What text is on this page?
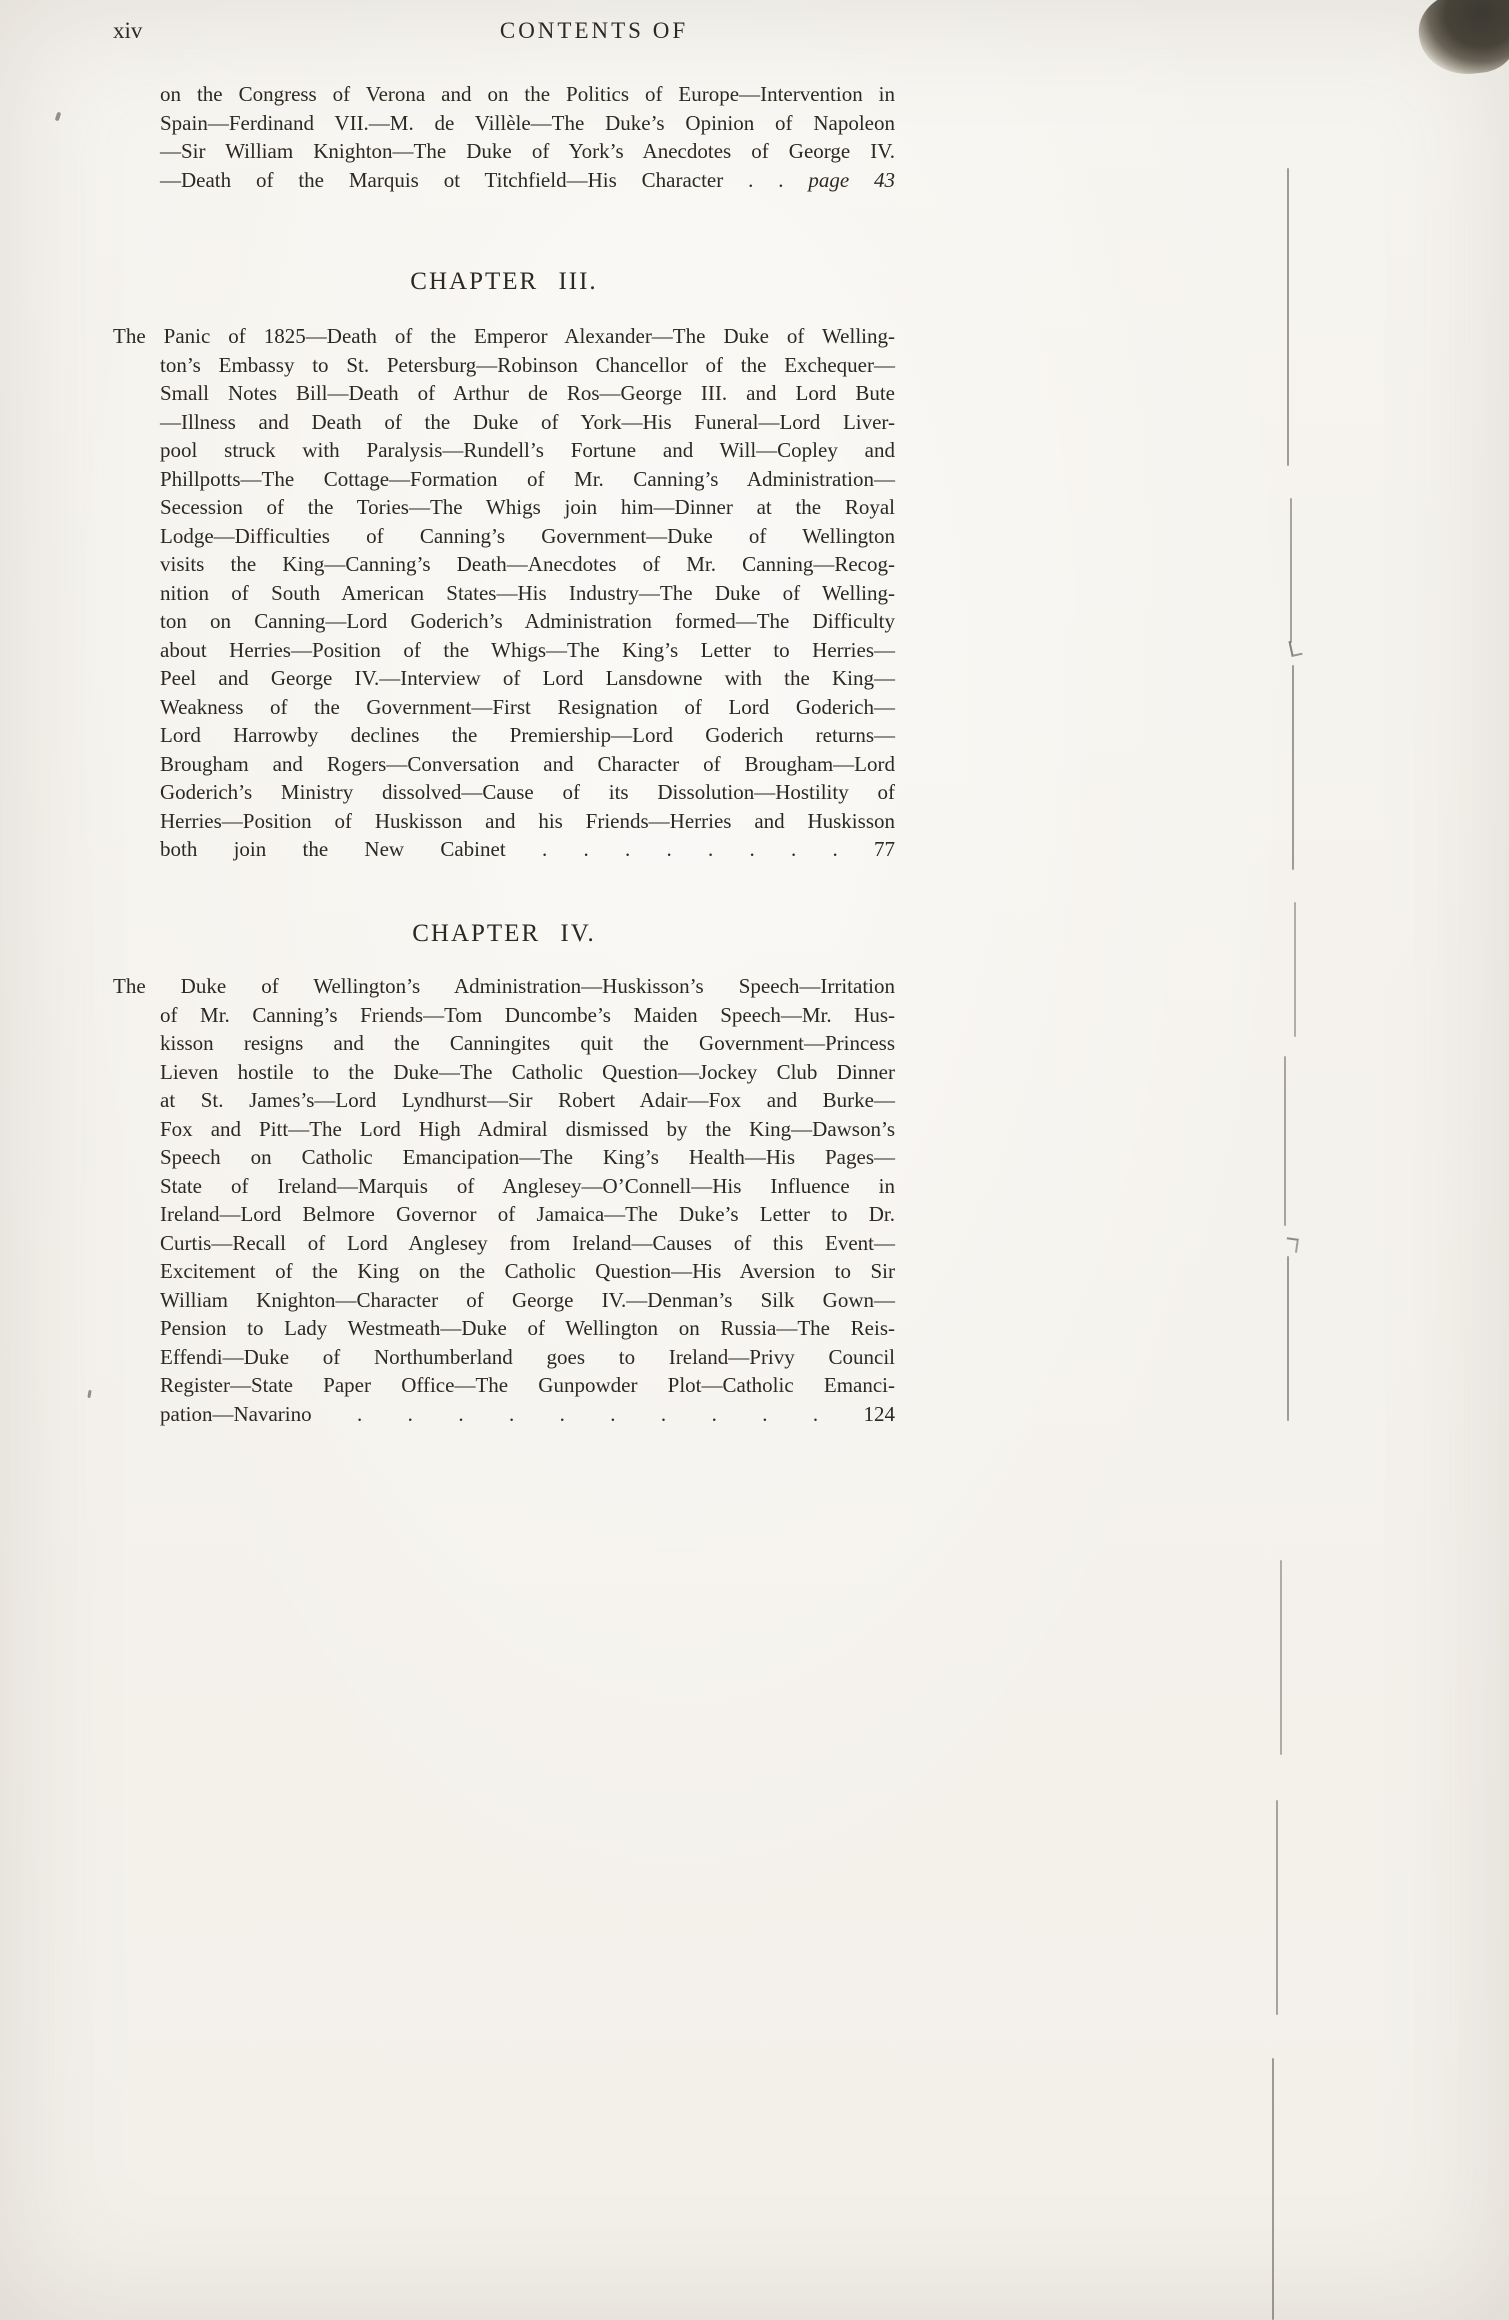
xiv	CONTENTS OF
on the Congress of Verona and on the Politics of Europe—Intervention in
Spain—Ferdinand VII.—M. de Villèle—The Duke’s Opinion of Napoleon
—Sir William Knighton—The Duke of York’s Anecdotes of George IV.
—Death of the Marquis ot Titchfield—His Character . . page 43
CHAPTER III.
The Panic of 1825—Death of the Emperor Alexander—The Duke of Welling-
ton’s Embassy to St. Petersburg—Robinson Chancellor of the Exchequer—
Small Notes Bill—Death of Arthur de Ros—George III. and Lord Bute
—Illness and Death of the Duke of York—His Funeral—Lord Liver-
pool struck with Paralysis—Rundell’s Fortune and Will—Copley and
Phillpotts—The Cottage—Formation of Mr. Canning’s Administration—
Secession of the Tories—The Whigs join him—Dinner at the Royal
Lodge—Difficulties of Canning’s Government—Duke of Wellington
visits the King—Canning’s Death—Anecdotes of Mr. Canning—Recog-
nition of South American States—His Industry—The Duke of Welling-
ton on Canning—Lord Goderich’s Administration formed—The Difficulty
about Herries—Position of the Whigs—The King’s Letter to Herries—
Peel and George IV.—Interview of Lord Lansdowne with the King—
Weakness of the Government—First Resignation of Lord Goderich—
Lord Harrowby declines the Premiership—Lord Goderich returns—
Brougham and Rogers—Conversation and Character of Brougham—Lord
Goderich’s Ministry dissolved—Cause of its Dissolution—Hostility of
Herries—Position of Huskisson and his Friends—Herries and Huskisson
both join the New Cabinet . . . . . . . . 77
CHAPTER IV.
The Duke of Wellington’s Administration—Huskisson’s Speech—Irritation
of Mr. Canning’s Friends—Tom Duncombe’s Maiden Speech—Mr. Hus-
kisson resigns and the Canningites quit the Government—Princess
Lieven hostile to the Duke—The Catholic Question—Jockey Club Dinner
at St. James’s—Lord Lyndhurst—Sir Robert Adair—Fox and Burke—
Fox and Pitt—The Lord High Admiral dismissed by the King—Dawson’s
Speech on Catholic Emancipation—The King’s Health—His Pages—
State of Ireland—Marquis of Anglesey—O’Connell—His Influence in
Ireland—Lord Belmore Governor of Jamaica—The Duke’s Letter to Dr.
Curtis—Recall of Lord Anglesey from Ireland—Causes of this Event—
Excitement of the King on the Catholic Question—His Aversion to Sir
William Knighton—Character of George IV.—Denman’s Silk Gown—
Pension to Lady Westmeath—Duke of Wellington on Russia—The Reis-
Effendi—Duke of Northumberland goes to Ireland—Privy Council
Register—State Paper Office—The Gunpowder Plot—Catholic Emanci-
pation—Navarino . . . . . . . . . . 124
